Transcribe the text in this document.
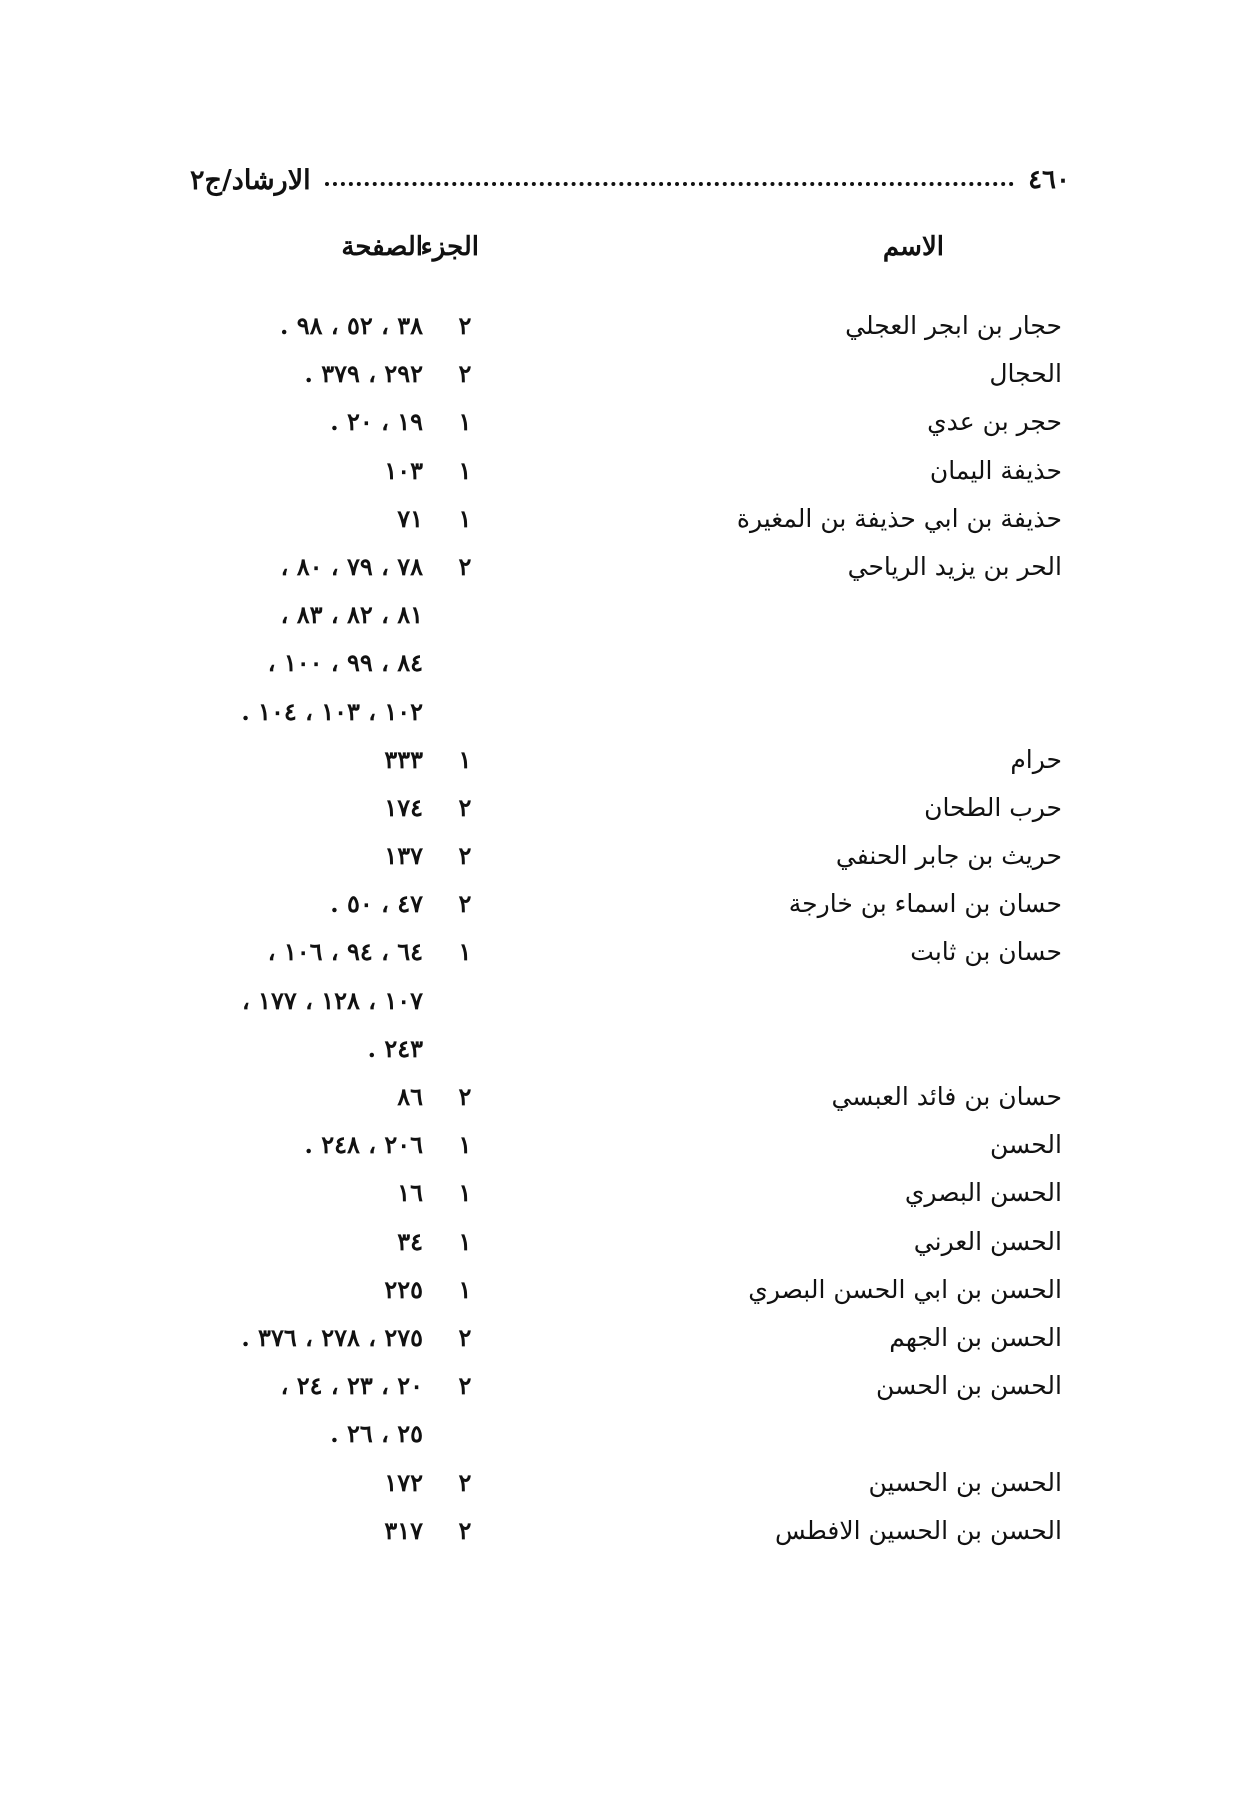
٤٦٠
الارشاد/ج٢
الاسم
الجزء
الصفحة
حجار بن ابجر العجلي
٢
٣٨ ، ٥٢ ، ٩٨ .
الحجال
٢
٢٩٢ ، ٣٧٩ .
حجر بن عدي
١
١٩ ، ٢٠ .
حذيفة اليمان
١
١٠٣
حذيفة بن ابي حذيفة بن المغيرة
١
٧١
الحر بن يزيد الرياحي
٢
٧٨ ، ٧٩ ، ٨٠ ،
٨١ ، ٨٢ ، ٨٣ ،
٨٤ ، ٩٩ ، ١٠٠ ،
١٠٢ ، ١٠٣ ، ١٠٤ .
حرام
١
٣٣٣
حرب الطحان
٢
١٧٤
حريث بن جابر الحنفي
٢
١٣٧
حسان بن اسماء بن خارجة
٢
٤٧ ، ٥٠ .
حسان بن ثابت
١
٦٤ ، ٩٤ ، ١٠٦ ،
١٠٧ ، ١٢٨ ، ١٧٧ ،
٢٤٣ .
حسان بن فائد العبسي
٢
٨٦
الحسن
١
٢٠٦ ، ٢٤٨ .
الحسن البصري
١
١٦
الحسن العرني
١
٣٤
الحسن بن ابي الحسن البصري
١
٢٢٥
الحسن بن الجهم
٢
٢٧٥ ، ٢٧٨ ، ٣٧٦ .
الحسن بن الحسن
٢
٢٠ ، ٢٣ ، ٢٤ ،
٢٥ ، ٢٦ .
الحسن بن الحسين
٢
١٧٢
الحسن بن الحسين الافطس
٢
٣١٧
